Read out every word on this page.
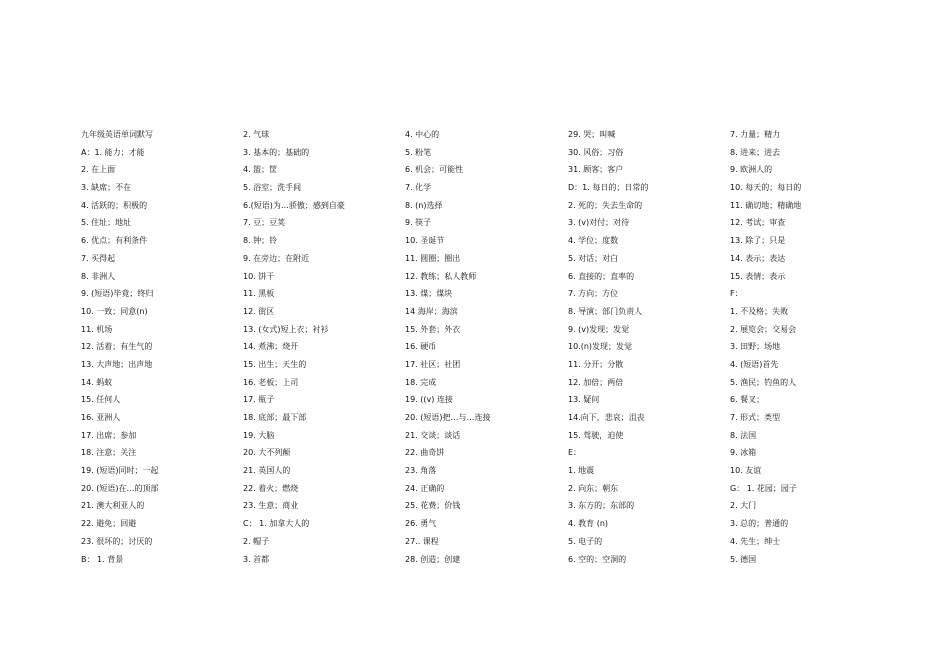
九年级英语单词默写
A：1. 能力；才能
2. 在上面
3. 缺席；不在
4. 活跃的；积极的
5. 住址；地址
6. 优点；有利条件
7. 买得起
8. 非洲人
9. (短语)毕竟；终归
10. 一致；同意(n)
11. 机场
12. 活着；有生气的
13. 大声地；出声地
14. 蚂蚁
15. 任何人
16. 亚洲人
17. 出席；参加
18. 注意；关注
19. (短语)同时；一起
20. (短语)在…的顶部
21. 澳大利亚人的
22. 避免；回避
23. 很坏的；讨厌的
B： 1. 背景
2. 气球
3. 基本的；基础的
4. 篮；筐
5. 浴室；洗手间
6.(短语)为…骄傲；感到自豪
7. 豆；豆荚
8. 钟；铃
9. 在旁边；在附近
10. 饼干
11. 黑板
12. 街区
13. (女式)短上衣；衬衫
14. 煮沸；烧开
15. 出生；天生的
16. 老板；上司
17. 瓶子
18. 底部；最下部
19. 大脑
20. 大不列颠
21. 英国人的
22. 着火；燃烧
23. 生意；商业
C： 1. 加拿大人的
2. 帽子
3. 首都
4. 中心的
5. 粉笔
6. 机会；可能性
7. 化学
8. (n)选择
9. 筷子
10. 圣诞节
11. 圆圈；圈出
12. 教练；私人教师
13. 煤；煤块
14 海岸；海滨
15. 外套；外衣
16. 硬币
17. 社区；社团
18. 完成
19. ((v) 连接
20. (短语)把…与…连接
21. 交谈；谈话
22. 曲奇饼
23. 角落
24. 正确的
25. 花费；价钱
26. 勇气
27.. 课程
28. 创造；创建
29. 哭；叫喊
30. 风俗；习俗
31. 顾客；客户
D：1. 每日的；日常的
2. 死的；失去生命的
3. (v)对付；对待
4. 学位；度数
5. 对话；对白
6. 直接的；直率的
7. 方向；方位
8. 导演；部门负责人
9. (v)发现；发觉
10.(n)发现；发觉
11. 分开；分散
12. 加倍；两倍
13. 疑问
14.向下，悲哀；沮丧
15. 驾驶，迫使
E：
1. 地震
2. 向东；朝东
3. 东方的；东部的
4. 教育 (n)
5. 电子的
6. 空的；空洞的
7. 力量；精力
8. 进来；进去
9. 欧洲人的
10. 每天的；每日的
11. 确切地；精确地
12. 考试；审查
13. 除了；只是
14. 表示；表达
15. 表情；表示
F：
1. 不及格；失败
2. 展览会；交易会
3. 田野；场地
4. (短语)首先
5. 渔民；钓鱼的人
6. 餐叉；
7. 形式；类型
8. 法国
9. 冰箱
10. 友谊
G： 1. 花园；园子
2. 大门
3. 总的；普通的
4. 先生；绅士
5. 德国
